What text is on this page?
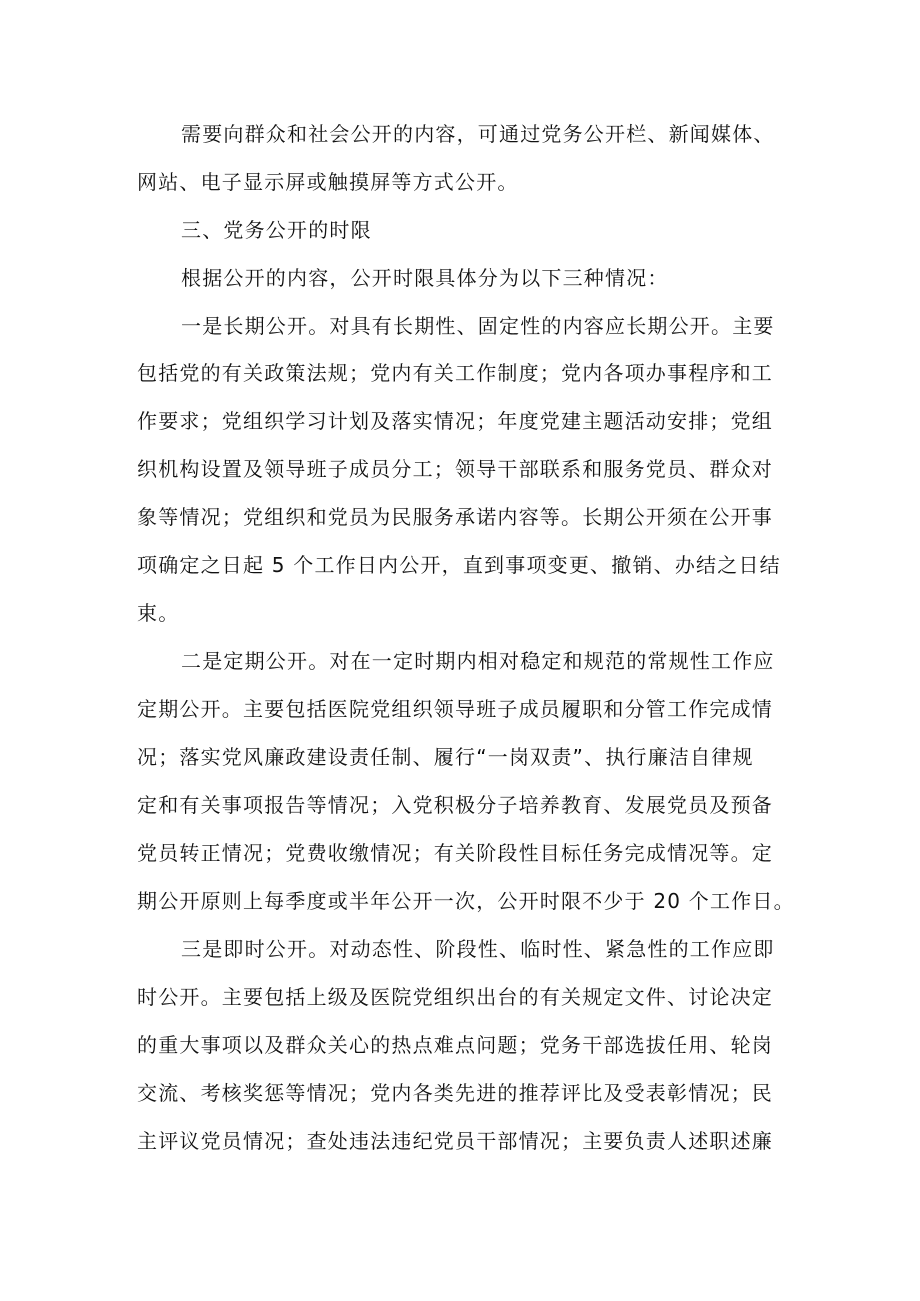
需要向群众和社会公开的内容，可通过党务公开栏、新闻媒体、
网站、电子显示屏或触摸屏等方式公开。
三、党务公开的时限
根据公开的内容，公开时限具体分为以下三种情况：
一是长期公开。对具有长期性、固定性的内容应长期公开。主要
包括党的有关政策法规；党内有关工作制度；党内各项办事程序和工
作要求；党组织学习计划及落实情况；年度党建主题活动安排；党组
织机构设置及领导班子成员分工；领导干部联系和服务党员、群众对
象等情况；党组织和党员为民服务承诺内容等。长期公开须在公开事
项确定之日起 5 个工作日内公开，直到事项变更、撤销、办结之日结
束。
二是定期公开。对在一定时期内相对稳定和规范的常规性工作应
定期公开。主要包括医院党组织领导班子成员履职和分管工作完成情
况；落实党风廉政建设责任制、履行“一岗双责”、执行廉洁自律规
定和有关事项报告等情况；入党积极分子培养教育、发展党员及预备
党员转正情况；党费收缴情况；有关阶段性目标任务完成情况等。定
期公开原则上每季度或半年公开一次，公开时限不少于 20 个工作日。
三是即时公开。对动态性、阶段性、临时性、紧急性的工作应即
时公开。主要包括上级及医院党组织出台的有关规定文件、讨论决定
的重大事项以及群众关心的热点难点问题；党务干部选拔任用、轮岗
交流、考核奖惩等情况；党内各类先进的推荐评比及受表彰情况；民
主评议党员情况；查处违法违纪党员干部情况；主要负责人述职述廉
